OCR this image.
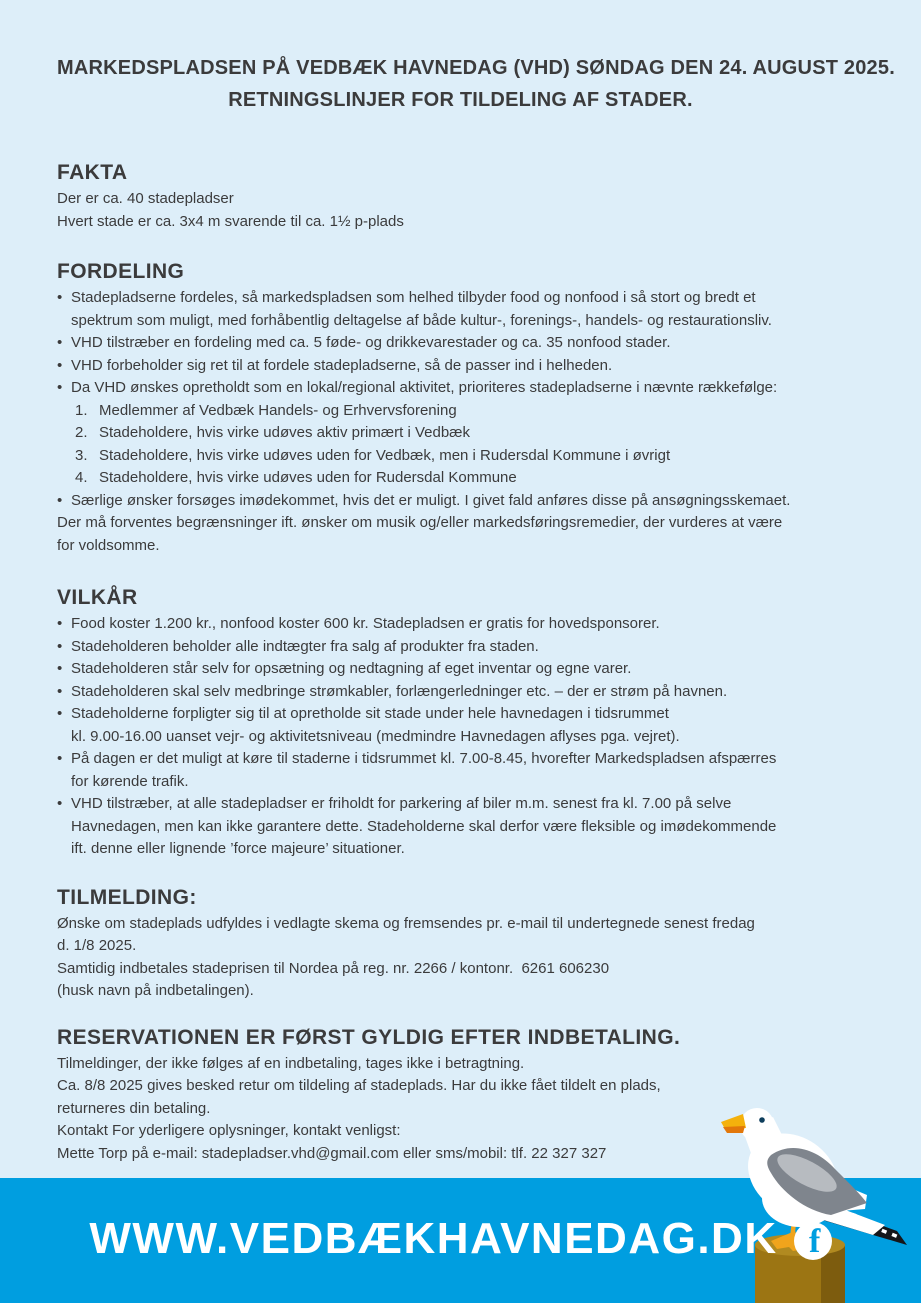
MARKEDSPLADSEN PÅ VEDBÆK HAVNEDAG (VHD) SØNDAG DEN 24. AUGUST 2025.
RETNINGSLINJER FOR TILDELING AF STADER.
FAKTA
Der er ca. 40 stadepladser
Hvert stade er ca. 3x4 m svarende til ca. 1½ p-plads
FORDELING
• Stadepladserne fordeles, så markedspladsen som helhed tilbyder food og nonfood i så stort og bredt et
spektrum som muligt, med forhåbentlig deltagelse af både kultur-, forenings-, handels- og restaurationsliv.
• VHD tilstræber en fordeling med ca. 5 føde- og drikkevarestader og ca. 35 nonfood stader.
• VHD forbeholder sig ret til at fordele stadepladserne, så de passer ind i helheden.
• Da VHD ønskes opretholdt som en lokal/regional aktivitet, prioriteres stadepladserne i nævnte rækkefølge:
1. Medlemmer af Vedbæk Handels- og Erhvervsforening
2. Stadeholdere, hvis virke udøves aktiv primært i Vedbæk
3. Stadeholdere, hvis virke udøves uden for Vedbæk, men i Rudersdal Kommune i øvrigt
4. Stadeholdere, hvis virke udøves uden for Rudersdal Kommune
• Særlige ønsker forsøges imødekommet, hvis det er muligt. I givet fald anføres disse på ansøgningsskemaet.
Der må forventes begrænsninger ift. ønsker om musik og/eller markedsføringsremedier, der vurderes at være
for voldsomme.
VILKÅR
• Food koster 1.200 kr., nonfood koster 600 kr. Stadepladsen er gratis for hovedsponsorer.
• Stadeholderen beholder alle indtægter fra salg af produkter fra staden.
• Stadeholderen står selv for opsætning og nedtagning af eget inventar og egne varer.
• Stadeholderen skal selv medbringe strømkabler, forlængerledninger etc. – der er strøm på havnen.
• Stadeholderne forpligter sig til at opretholde sit stade under hele havnedagen i tidsrummet
kl. 9.00-16.00 uanset vejr- og aktivitetsniveau (medmindre Havnedagen aflyses pga. vejret).
• På dagen er det muligt at køre til staderne i tidsrummet kl. 7.00-8.45, hvorefter Markedspladsen afspærres
for kørende trafik.
• VHD tilstræber, at alle stadepladser er friholdt for parkering af biler m.m. senest fra kl. 7.00 på selve
Havnedagen, men kan ikke garantere dette. Stadeholderne skal derfor være fleksible og imødekommende
ift. denne eller lignende ’force majeure’ situationer.
TILMELDING:
Ønske om stadeplads udfyldes i vedlagte skema og fremsendes pr. e-mail til undertegnede senest fredag
d. 1/8 2025.
Samtidig indbetales stadeprisen til Nordea på reg. nr. 2266 / kontonr.  6261 606230
(husk navn på indbetalingen).
RESERVATIONEN ER FØRST GYLDIG EFTER INDBETALING.
Tilmeldinger, der ikke følges af en indbetaling, tages ikke i betragtning.
Ca. 8/8 2025 gives besked retur om tildeling af stadeplads. Har du ikke fået tildelt en plads,
returneres din betaling.
Kontakt For yderligere oplysninger, kontakt venligst:
Mette Torp på e-mail: stadepladser.vhd@gmail.com eller sms/mobil: tlf. 22 327 327
WWW.VEDBÆKHAVNEDAG.DK f
